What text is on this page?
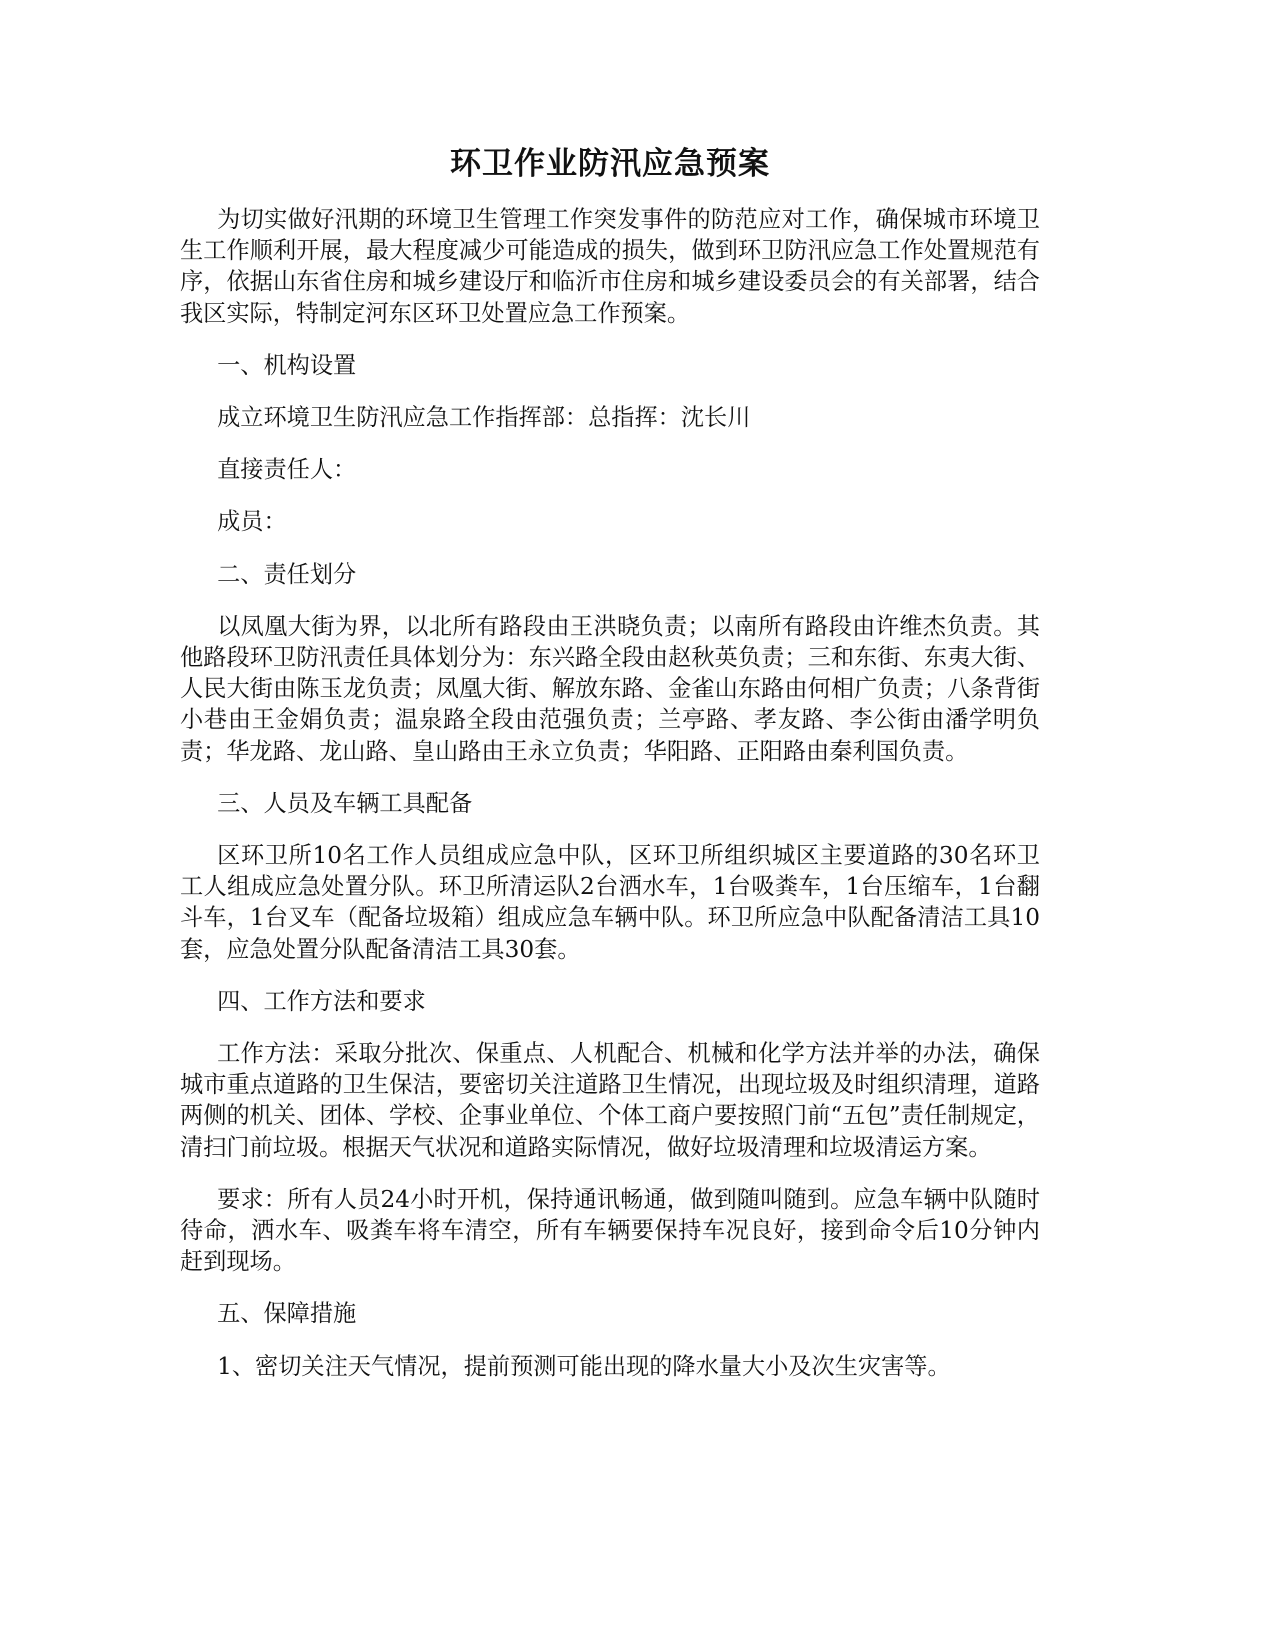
环卫作业防汛应急预案

为切实做好汛期的环境卫生管理工作突发事件的防范应对工作，确保城市环境卫生工作顺利开展，最大程度减少可能造成的损失，做到环卫防汛应急工作处置规范有序，依据山东省住房和城乡建设厅和临沂市住房和城乡建设委员会的有关部署，结合我区实际，特制定河东区环卫处置应急工作预案。

一、机构设置

成立环境卫生防汛应急工作指挥部：总指挥：沈长川

直接责任人：

成员：

二、责任划分

以凤凰大街为界，以北所有路段由王洪晓负责；以南所有路段由许维杰负责。其他路段环卫防汛责任具体划分为：东兴路全段由赵秋英负责；三和东街、东夷大街、人民大街由陈玉龙负责；凤凰大街、解放东路、金雀山东路由何相广负责；八条背街小巷由王金娟负责；温泉路全段由范强负责；兰亭路、孝友路、李公街由潘学明负责；华龙路、龙山路、皇山路由王永立负责；华阳路、正阳路由秦利国负责。

三、人员及车辆工具配备

区环卫所10名工作人员组成应急中队，区环卫所组织城区主要道路的30名环卫工人组成应急处置分队。环卫所清运队2台洒水车，1台吸粪车，1台压缩车，1台翻斗车，1台叉车（配备垃圾箱）组成应急车辆中队。环卫所应急中队配备清洁工具10套，应急处置分队配备清洁工具30套。

四、工作方法和要求

工作方法：采取分批次、保重点、人机配合、机械和化学方法并举的办法，确保城市重点道路的卫生保洁，要密切关注道路卫生情况，出现垃圾及时组织清理，道路两侧的机关、团体、学校、企事业单位、个体工商户要按照门前“五包”责任制规定，清扫门前垃圾。根据天气状况和道路实际情况，做好垃圾清理和垃圾清运方案。

要求：所有人员24小时开机，保持通讯畅通，做到随叫随到。应急车辆中队随时待命，洒水车、吸粪车将车清空，所有车辆要保持车况良好，接到命令后10分钟内赶到现场。

五、保障措施

1、密切关注天气情况，提前预测可能出现的降水量大小及次生灾害等。
